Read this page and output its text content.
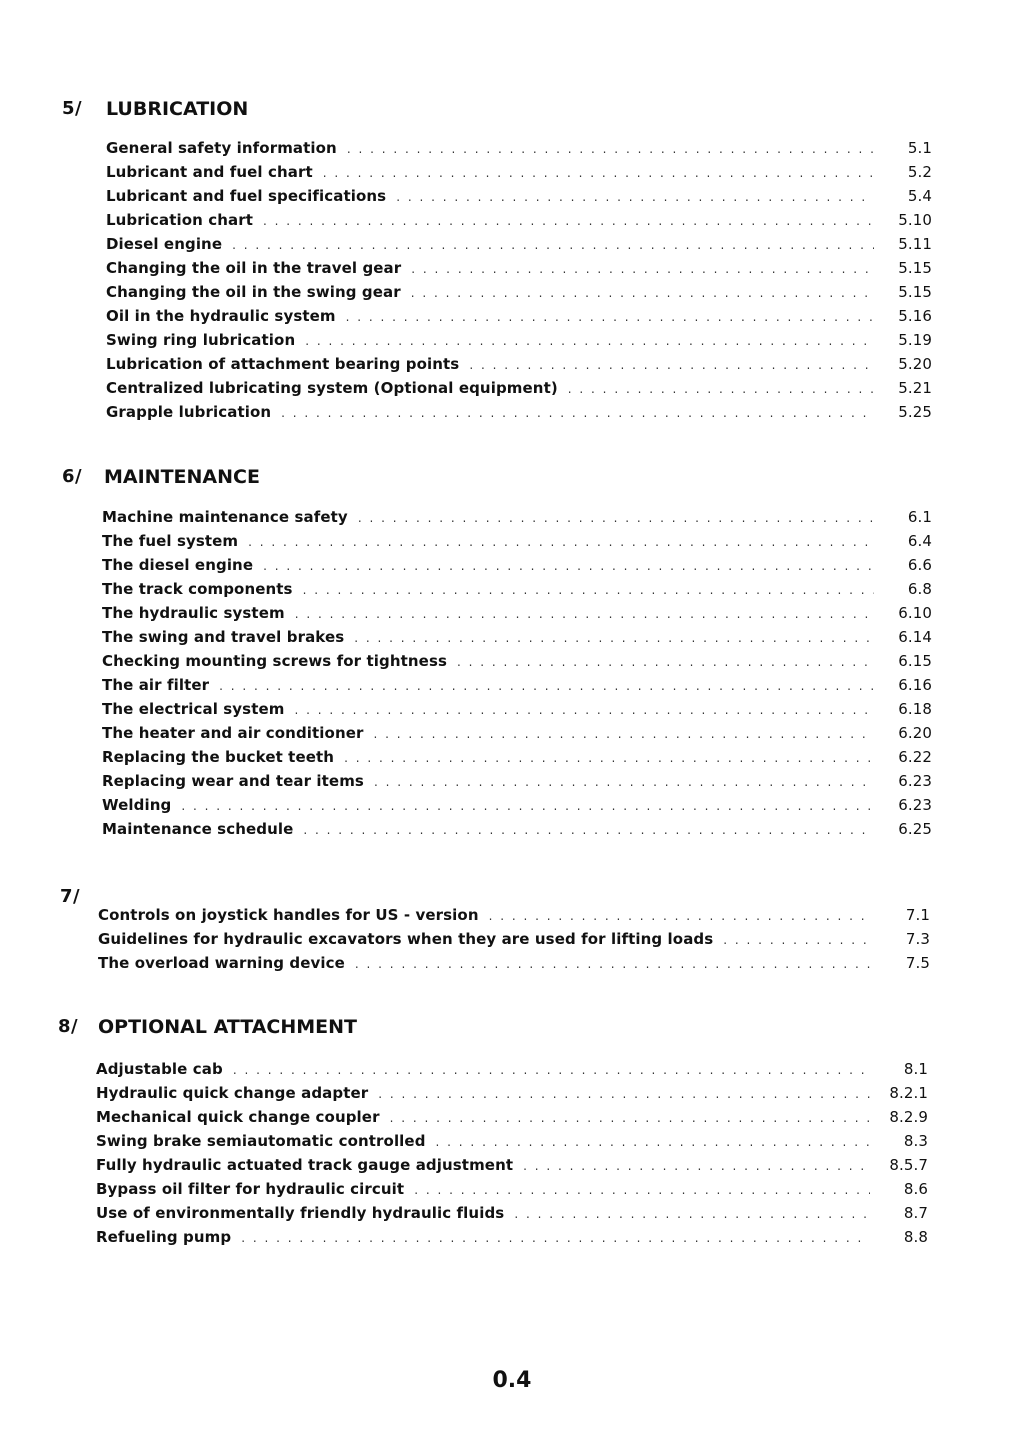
5/ LUBRICATION
General safety information . . .	5.1
Lubricant and fuel chart . . .	5.2
Lubricant and fuel specifications . . .	5.4
Lubrication chart . . .	5.10
Diesel engine . . .	5.11
Changing the oil in the travel gear . . .	5.15
Changing the oil in the swing gear . . .	5.15
Oil in the hydraulic system . . .	5.16
Swing ring lubrication . . .	5.19
Lubrication of attachment bearing points . . .	5.20
Centralized lubricating system (Optional equipment) . . .	5.21
Grapple lubrication . . .	5.25
6/ MAINTENANCE
Machine maintenance safety . . .	6.1
The fuel system . . .	6.4
The diesel engine . . .	6.6
The track components . . .	6.8
The hydraulic system . . .	6.10
The swing and travel brakes . . .	6.14
Checking mounting screws for tightness . . .	6.15
The air filter . . .	6.16
The electrical system . . .	6.18
The heater and air conditioner . . .	6.20
Replacing the bucket teeth . . .	6.22
Replacing wear and tear items . . .	6.23
Welding . . .	6.23
Maintenance schedule . . .	6.25
7/
Controls on joystick handles for US - version . . .	7.1
Guidelines for hydraulic excavators when they are used for lifting loads . . .	7.3
The overload warning device . . .	7.5
8/ OPTIONAL ATTACHMENT
Adjustable cab . . .	8.1
Hydraulic quick change adapter . . .	8.2.1
Mechanical quick change coupler . . .	8.2.9
Swing brake semiautomatic controlled . . .	8.3
Fully hydraulic actuated track gauge adjustment . . .	8.5.7
Bypass oil filter for hydraulic circuit . . .	8.6
Use of environmentally friendly hydraulic fluids . . .	8.7
Refueling pump . . .	8.8
0.4
